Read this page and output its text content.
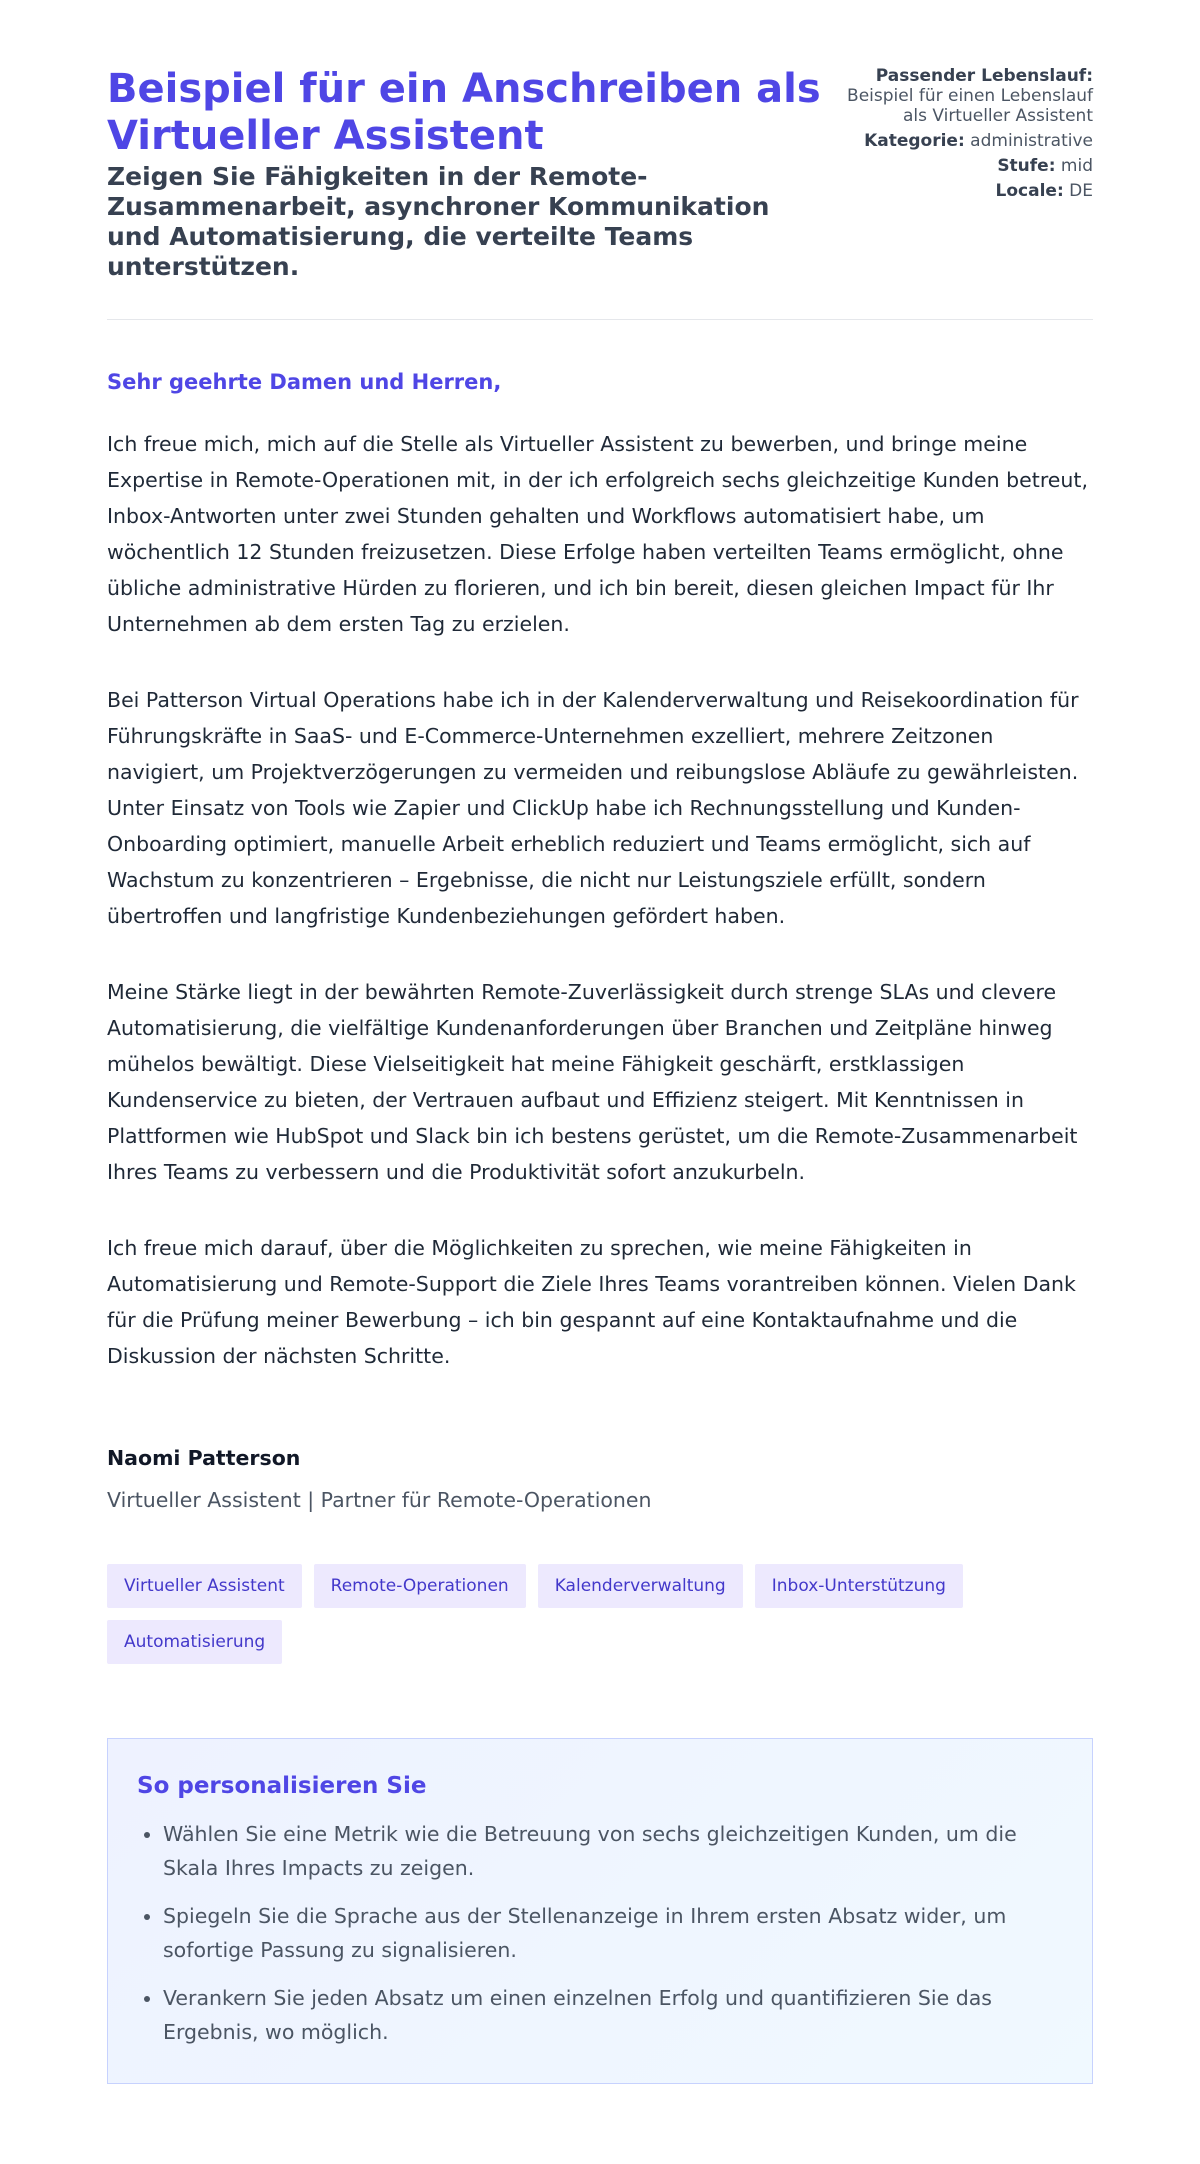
Beispiel für ein Anschreiben als Virtueller Assistent
Zeigen Sie Fähigkeiten in der Remote-Zusammenarbeit, asynchroner Kommunikation und Automatisierung, die verteilte Teams unterstützen.
Passender Lebenslauf:
Beispiel für einen Lebenslauf als Virtueller Assistent
Kategorie: administrative
Stufe: mid
Locale: DE

Sehr geehrte Damen und Herren,

Ich freue mich, mich auf die Stelle als Virtueller Assistent zu bewerben, und bringe meine Expertise in Remote-Operationen mit, in der ich erfolgreich sechs gleichzeitige Kunden betreut, Inbox-Antworten unter zwei Stunden gehalten und Workflows automatisiert habe, um wöchentlich 12 Stunden freizusetzen. Diese Erfolge haben verteilten Teams ermöglicht, ohne übliche administrative Hürden zu florieren, und ich bin bereit, diesen gleichen Impact für Ihr Unternehmen ab dem ersten Tag zu erzielen.

Bei Patterson Virtual Operations habe ich in der Kalenderverwaltung und Reisekoordination für Führungskräfte in SaaS- und E-Commerce-Unternehmen exzelliert, mehrere Zeitzonen navigiert, um Projektverzögerungen zu vermeiden und reibungslose Abläufe zu gewährleisten. Unter Einsatz von Tools wie Zapier und ClickUp habe ich Rechnungsstellung und Kunden-Onboarding optimiert, manuelle Arbeit erheblich reduziert und Teams ermöglicht, sich auf Wachstum zu konzentrieren – Ergebnisse, die nicht nur Leistungsziele erfüllt, sondern übertroffen und langfristige Kundenbeziehungen gefördert haben.

Meine Stärke liegt in der bewährten Remote-Zuverlässigkeit durch strenge SLAs und clevere Automatisierung, die vielfältige Kundenanforderungen über Branchen und Zeitpläne hinweg mühelos bewältigt. Diese Vielseitigkeit hat meine Fähigkeit geschärft, erstklassigen Kundenservice zu bieten, der Vertrauen aufbaut und Effizienz steigert. Mit Kenntnissen in Plattformen wie HubSpot und Slack bin ich bestens gerüstet, um die Remote-Zusammenarbeit Ihres Teams zu verbessern und die Produktivität sofort anzukurbeln.

Ich freue mich darauf, über die Möglichkeiten zu sprechen, wie meine Fähigkeiten in Automatisierung und Remote-Support die Ziele Ihres Teams vorantreiben können. Vielen Dank für die Prüfung meiner Bewerbung – ich bin gespannt auf eine Kontaktaufnahme und die Diskussion der nächsten Schritte.

Naomi Patterson

Virtueller Assistent | Partner für Remote-Operationen

Virtueller Assistent	Remote-Operationen	Kalenderverwaltung	Inbox-Unterstützung
Automatisierung
So personalisieren Sie
• Wählen Sie eine Metrik wie die Betreuung von sechs gleichzeitigen Kunden, um die Skala Ihres Impacts zu zeigen.
• Spiegeln Sie die Sprache aus der Stellenanzeige in Ihrem ersten Absatz wider, um sofortige Passung zu signalisieren.
• Verankern Sie jeden Absatz um einen einzelnen Erfolg und quantifizieren Sie das Ergebnis, wo möglich.
